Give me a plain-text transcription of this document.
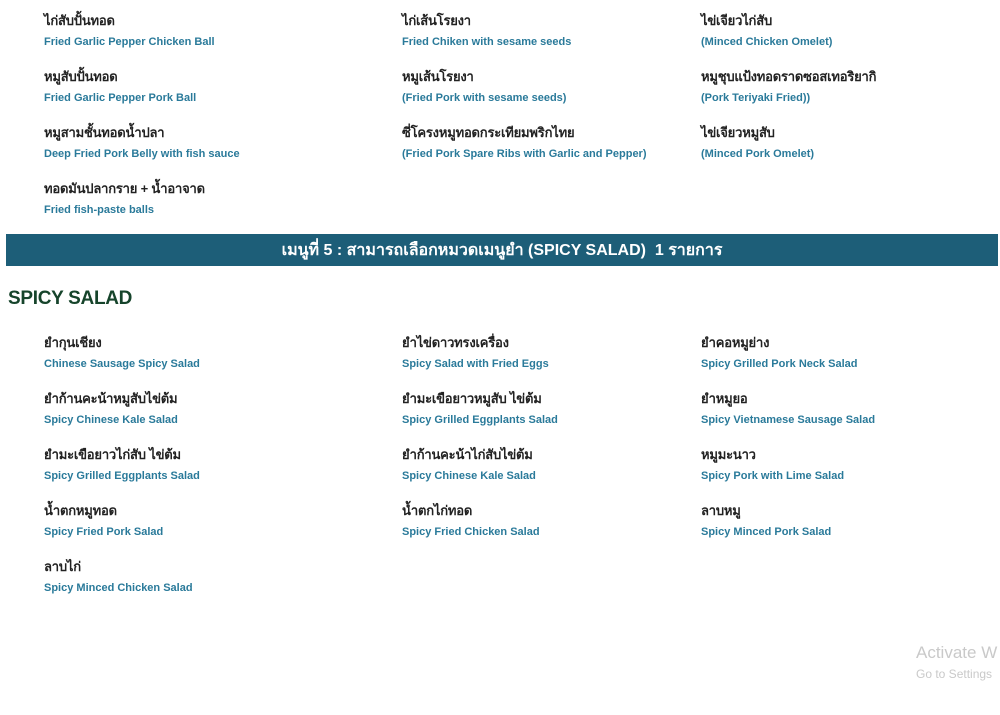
ไก่สับปั้นทอด
Fried Garlic Pepper Chicken Ball
หมูสับปั้นทอด
Fried Garlic Pepper Pork Ball
หมูสามชั้นทอดน้ำปลา
Deep Fried Pork Belly with fish sauce
ทอดมันปลากราย + น้ำอาจาด
Fried fish-paste balls
ไก่เส้นโรยงา
Fried Chiken with sesame seeds
หมูเส้นโรยงา
(Fried Pork with sesame seeds)
ซี่โครงหมูทอดกระเทียมพริกไทย
(Fried Pork Spare Ribs with Garlic and Pepper)
ไข่เจียวไก่สับ
(Minced Chicken Omelet)
หมูชุบแป้งทอดราดซอสเทอริยากิ
(Pork Teriyaki Fried))
ไข่เจียวหมูสับ
(Minced Pork Omelet)
เมนูที่ 5 : สามารถเลือกหมวดเมนูยำ (SPICY SALAD)  1 รายการ
SPICY SALAD
ยำกุนเชียง
Chinese Sausage Spicy Salad
ยำก้านคะน้าหมูสับไข่ต้ม
Spicy Chinese Kale Salad
ยำมะเขือยาวไก่สับ ไข่ต้ม
Spicy Grilled Eggplants Salad
น้ำตกหมูทอด
Spicy Fried Pork Salad
ลาบไก่
Spicy Minced Chicken Salad
ยำไข่ดาวทรงเครื่อง
Spicy Salad with Fried Eggs
ยำมะเขือยาวหมูสับ ไข่ต้ม
Spicy Grilled Eggplants Salad
ยำก้านคะน้าไก่สับไข่ต้ม
Spicy Chinese Kale Salad
น้ำตกไก่ทอด
Spicy Fried Chicken Salad
ยำคอหมูย่าง
Spicy Grilled Pork Neck Salad
ยำหมูยอ
Spicy Vietnamese Sausage Salad
หมูมะนาว
Spicy Pork with Lime Salad
ลาบหมู
Spicy Minced Pork Salad
Activate W
Go to Settings
